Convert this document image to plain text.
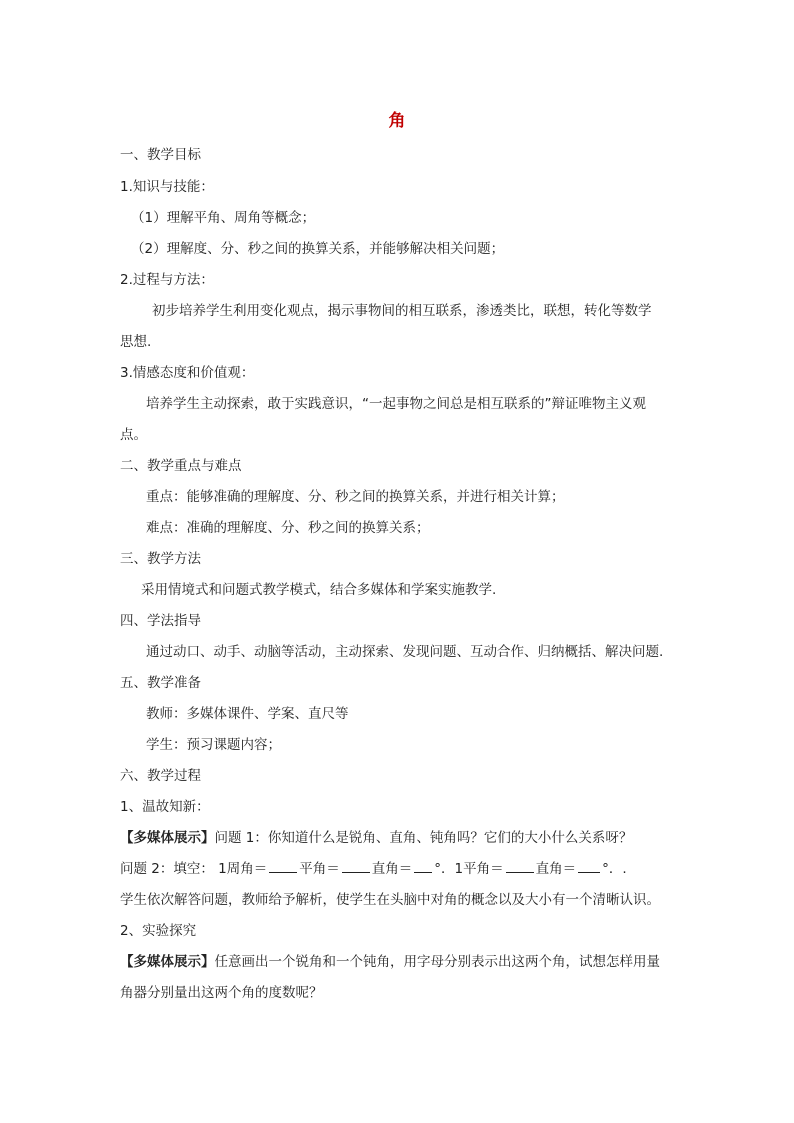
角
一、教学目标
1.知识与技能：
（1）理解平角、周角等概念；
（2）理解度、分、秒之间的换算关系，并能够解决相关问题；
2.过程与方法：
初步培养学生利用变化观点，揭示事物间的相互联系，渗透类比，联想，转化等数学
思想.
3.情感态度和价值观：
培养学生主动探索，敢于实践意识，“一起事物之间总是相互联系的”辩证唯物主义观
点。
二、教学重点与难点
重点：能够准确的理解度、分、秒之间的换算关系，并进行相关计算；
难点：准确的理解度、分、秒之间的换算关系；
三、教学方法
采用情境式和问题式教学模式，结合多媒体和学案实施教学.
四、学法指导
通过动口、动手、动脑等活动，主动探索、发现问题、互动合作、归纳概括、解决问题.
五、教学准备
教师：多媒体课件、学案、直尺等
学生：预习课题内容；
六、教学过程
1、温故知新：
【多媒体展示】问题 1：你知道什么是锐角、直角、钝角吗？它们的大小什么关系呀？
问题 2：填空： 1周角＝ 平角＝ 直角＝ °．1平角＝ 直角＝ °．.
学生依次解答问题，教师给予解析，使学生在头脑中对角的概念以及大小有一个清晰认识。
2、实验探究
【多媒体展示】任意画出一个锐角和一个钝角，用字母分别表示出这两个角，试想怎样用量
角器分别量出这两个角的度数呢？
